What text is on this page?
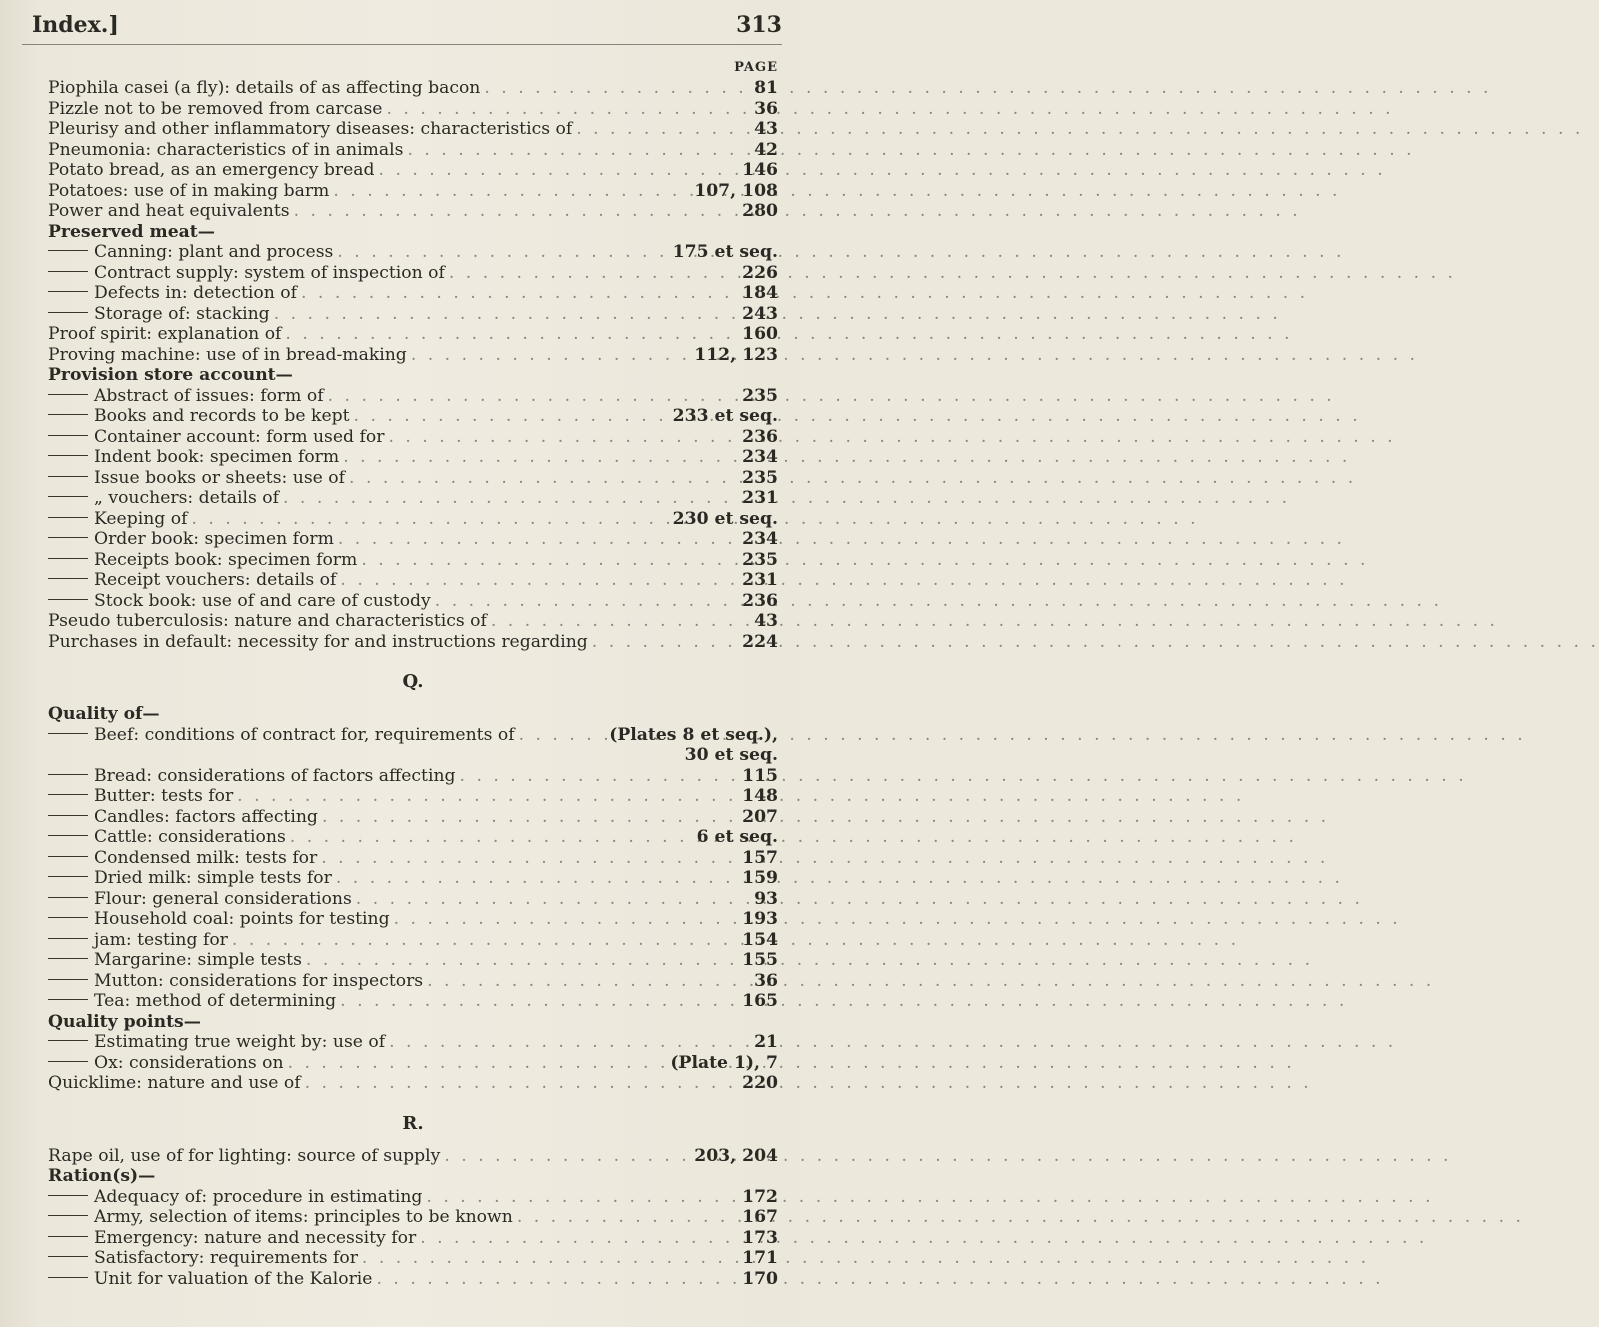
Index.]	313
PAGE
Piophila casei (a fly): details of as affecting bacon . . .	81
Pizzle not to be removed from carcase . . .	36
Pleurisy and other inflammatory diseases: characteristics of . . .	43
Pneumonia: characteristics of in animals . . .	42
Potato bread, as an emergency bread . . .	146
Potatoes: use of in making barm . . .	107, 108
Power and heat equivalents . . .	280
Preserved meat—
Canning: plant and process . . .	175 et seq.
Contract supply: system of inspection of . . .	226
Defects in: detection of . . .	184
Storage of: stacking . . .	243
Proof spirit: explanation of . . .	160
Proving machine: use of in bread-making . . .	112, 123
Provision store account—
Abstract of issues: form of . . .	235
Books and records to be kept . . .	233 et seq.
Container account: form used for . . .	236
Indent book: specimen form . . .	234
Issue books or sheets: use of . . .	235
„ vouchers: details of . . .	231
Keeping of . . .	230 et seq.
Order book: specimen form . . .	234
Receipts book: specimen form . . .	235
Receipt vouchers: details of . . .	231
Stock book: use of and care of custody . . .	236
Pseudo tuberculosis: nature and characteristics of . . .	43
Purchases in default: necessity for and instructions regarding . . .	224
Q.
Quality of—
Beef: conditions of contract for, requirements of . . .	(Plates 8 et seq.),
30 et seq.
Bread: considerations of factors affecting . . .	115
Butter: tests for . . .	148
Candles: factors affecting . . .	207
Cattle: considerations . . .	6 et seq.
Condensed milk: tests for . . .	157
Dried milk: simple tests for . . .	159
Flour: general considerations . . .	93
Household coal: points for testing . . .	193
jam: testing for . . .	154
Margarine: simple tests . . .	155
Mutton: considerations for inspectors . . .	36
Tea: method of determining . . .	165
Quality points—
Estimating true weight by: use of . . .	21
Ox: considerations on . . .	(Plate 1), 7
Quicklime: nature and use of . . .	220
R.
Rape oil, use of for lighting: source of supply . . .	203, 204
Ration(s)—
Adequacy of: procedure in estimating . . .	172
Army, selection of items: principles to be known . . .	167
Emergency: nature and necessity for . . .	173
Satisfactory: requirements for . . .	171
Unit for valuation of the Kalorie . . .	170
